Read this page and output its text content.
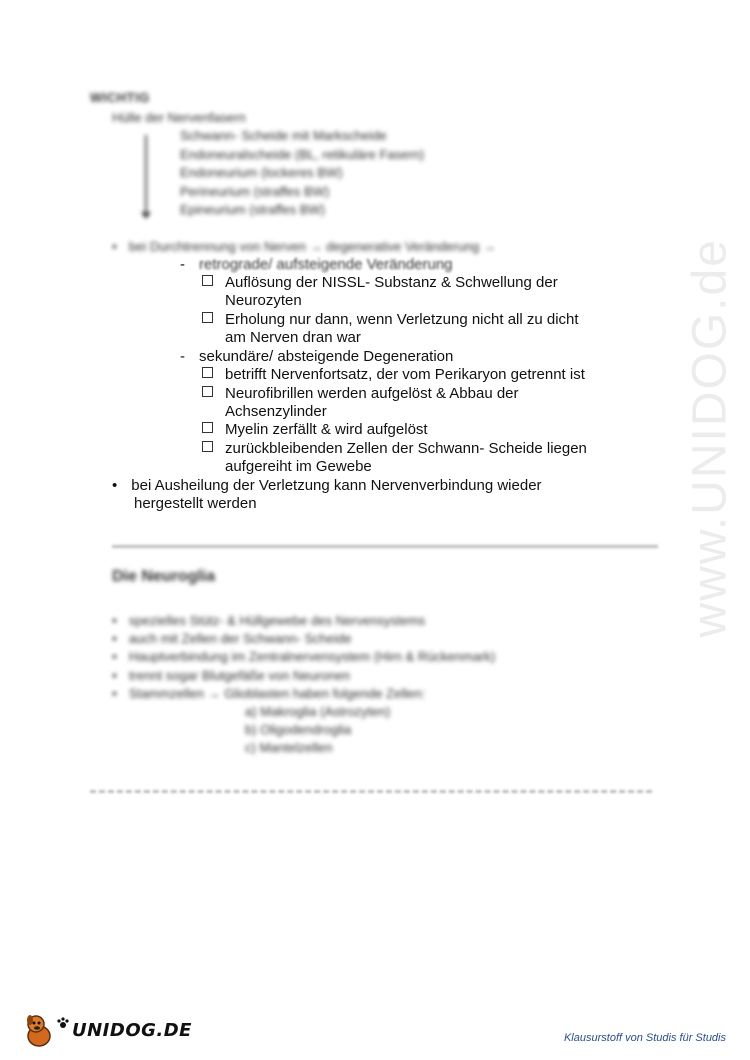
www.UNIDOG.de
WICHTIG
Hülle der Nervenfasern
Schwann- Scheide mit Markscheide
Endoneuralscheide (BL, retikuläre Fasern)
Endoneurium (lockeres BW)
Perineurium (straffes BW)
Epineurium (straffes BW)
• bei Durchtrennung von Nerven → degenerative Veränderung →
- retrograde/ aufsteigende Veränderung
Auflösung der NISSL- Substanz & Schwellung der
Neurozyten
Erholung nur dann, wenn Verletzung nicht all zu dicht
am Nerven dran war
- sekundäre/ absteigende Degeneration
betrifft Nervenfortsatz, der vom Perikaryon getrennt ist
Neurofibrillen werden aufgelöst & Abbau der
Achsenzylinder
Myelin zerfällt & wird aufgelöst
zurückbleibenden Zellen der Schwann- Scheide liegen
aufgereiht im Gewebe
• bei Ausheilung der Verletzung kann Nervenverbindung wieder
hergestellt werden
Die Neuroglia
• spezielles Stütz- & Hüllgewebe des Nervensystems
• auch mit Zellen der Schwann- Scheide
• Hauptverbindung im Zentralnervensystem (Hirn & Rückenmark)
• trennt sogar Blutgefäße von Neuronen
• Stammzellen → Glioblasten haben folgende Zellen:
a) Makroglia (Astrozyten)
b) Oligodendroglia
c) Mantelzellen
UNIDOG.DE	Klausurstoff von Studis für Studis
